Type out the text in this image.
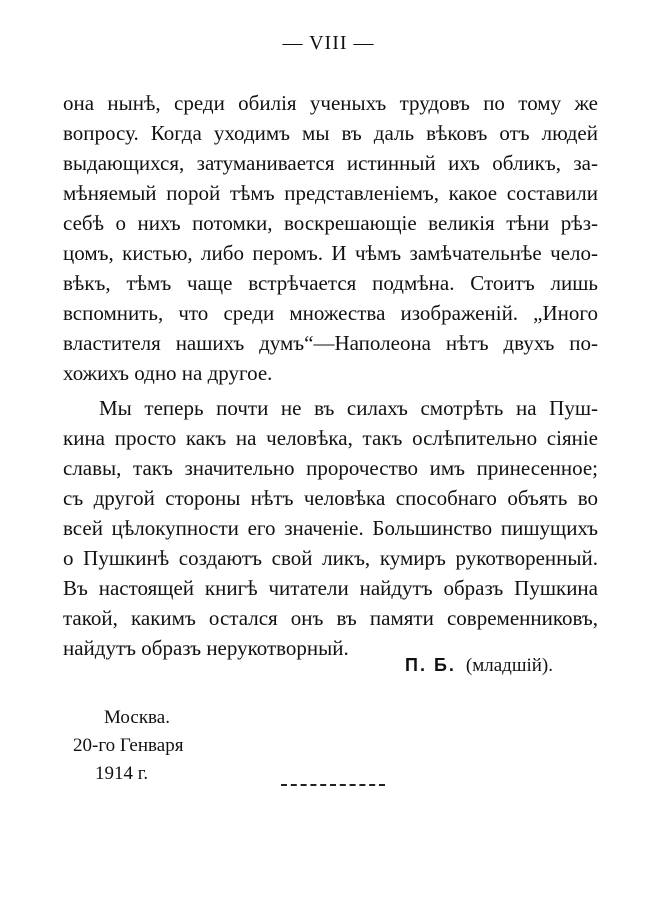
— VIII —
она нынѣ, среди обилія ученыхъ трудовъ по тому же
вопросу. Когда уходимъ мы въ даль вѣковъ отъ людей
выдающихся, затуманивается истинный ихъ обликъ, за-
мѣняемый порой тѣмъ представленіемъ, какое составили
себѣ о нихъ потомки, воскрешающіе великія тѣни рѣз-
цомъ, кистью, либо перомъ. И чѣмъ замѣчательнѣе чело-
вѣкъ, тѣмъ чаще встрѣчается подмѣна. Стоитъ лишь
вспомнить, что среди множества изображеній. „Иного
властителя нашихъ думъ“—Наполеона нѣтъ двухъ по-
хожихъ одно на другое.
Мы теперь почти не въ силахъ смотрѣть на Пуш-
кина просто какъ на человѣка, такъ ослѣпительно сіяніе
славы, такъ значительно пророчество имъ принесенное;
съ другой стороны нѣтъ человѣка способнаго объять во
всей цѣлокупности его значеніе. Большинство пишущихъ
о Пушкинѣ создаютъ свой ликъ, кумиръ рукотворенный.
Въ настоящей книгѣ читатели найдутъ образъ Пушкина
такой, какимъ остался онъ въ памяти современниковъ,
найдутъ образъ нерукотворный.
П. Б. (младшій).
Москва.
20-го Генваря
1914 г.
